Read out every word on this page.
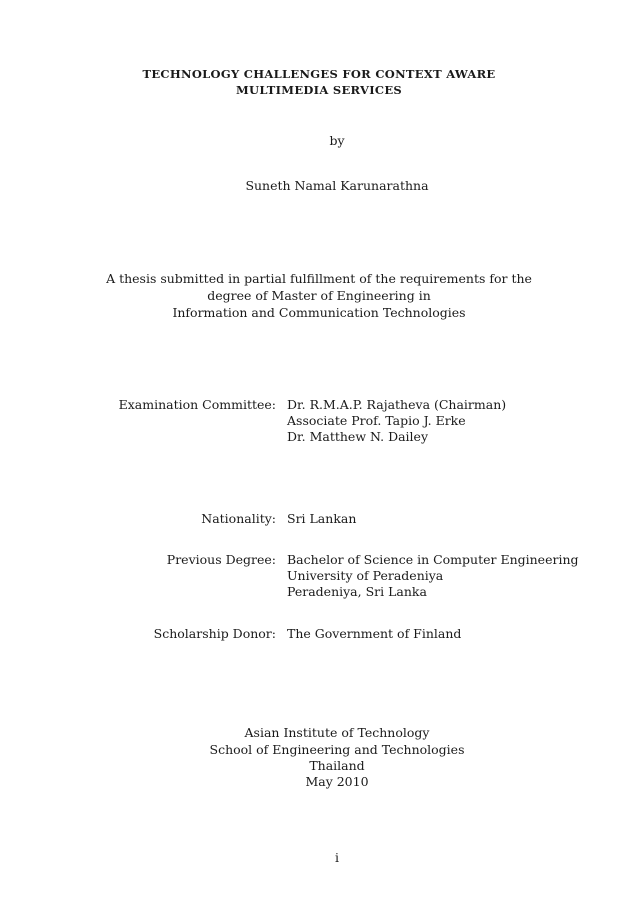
TECHNOLOGY CHALLENGES FOR CONTEXT AWARE
MULTIMEDIA SERVICES
by
Suneth Namal Karunarathna
A thesis submitted in partial fulfillment of the requirements for the
degree of Master of Engineering in
Information and Communication Technologies
Examination Committee: Dr. R.M.A.P. Rajatheva (Chairman)
Associate Prof. Tapio J. Erke
Dr. Matthew N. Dailey
Nationality: Sri Lankan
Previous Degree: Bachelor of Science in Computer Engineering
University of Peradeniya
Peradeniya, Sri Lanka
Scholarship Donor: The Government of Finland
Asian Institute of Technology
School of Engineering and Technologies
Thailand
May 2010
i
